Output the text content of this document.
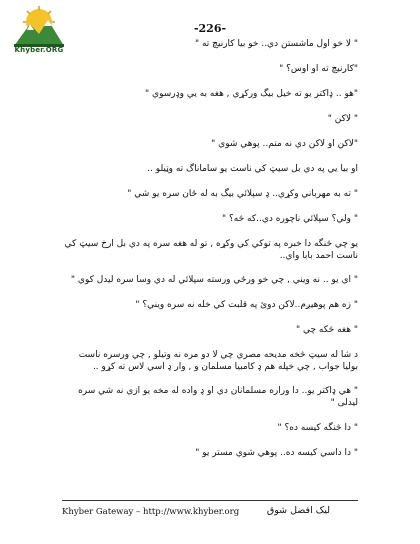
Khyber.ORG
-226-

" لا خو اول ماشستن دي.. خو بيا كارنيچ ته "

"كارنيچ ته او اوس؟ "

"هو .. ډاكتر يو ته خيل بيگ وركړي , هغه به يي وډرسوي "

" لاكن "

"لاكن او لاكن دي نه منم.. پوهي شوي "

او بيا يي په دي بل سيټ كي ناست يو ساماناگ ته وټيلو ..

" ته به مهرباني وكړي.. ډ سپلائي بيگ به له ځان سره يو شي "

" ولي؟ سپلائي ناچوره دي..كه څه؟ "

يو چي څنگه دا خبره په توكي كي وكړه , تو له هغه سره په دي بل ارخ سيټ كي ناست احمد بابا واي..

" اي يو .. نه ويني , چي خو ورځي ورسته سپلائي له دي وسا سره ليدل كوي "

" زه هم پوهيږم..لاكن دوئ په قلبت كي خله نه سره ويني؟ "

" هغه څكه چي "

د شا له سيټ څخه مديحه مصري چي لا دو مره نه وتيلو , چي ورسره ناست بوليا جواب , چي خپله هم ډ كامبيا مسلمان و , وار ډ اسي لاس ته كړو ..

" هي ډاكتر يو.. دا وراره مسلمانان دي او ډ واده له مخه يو ازي نه شي سره ليدلى "

" دا څنگه كيسه ده؟ "

" دا داسي كيسه ده.. پوهي شوي مستر يو "

Khyber Gateway – http://www.khyber.org	ليک افضل شوق
